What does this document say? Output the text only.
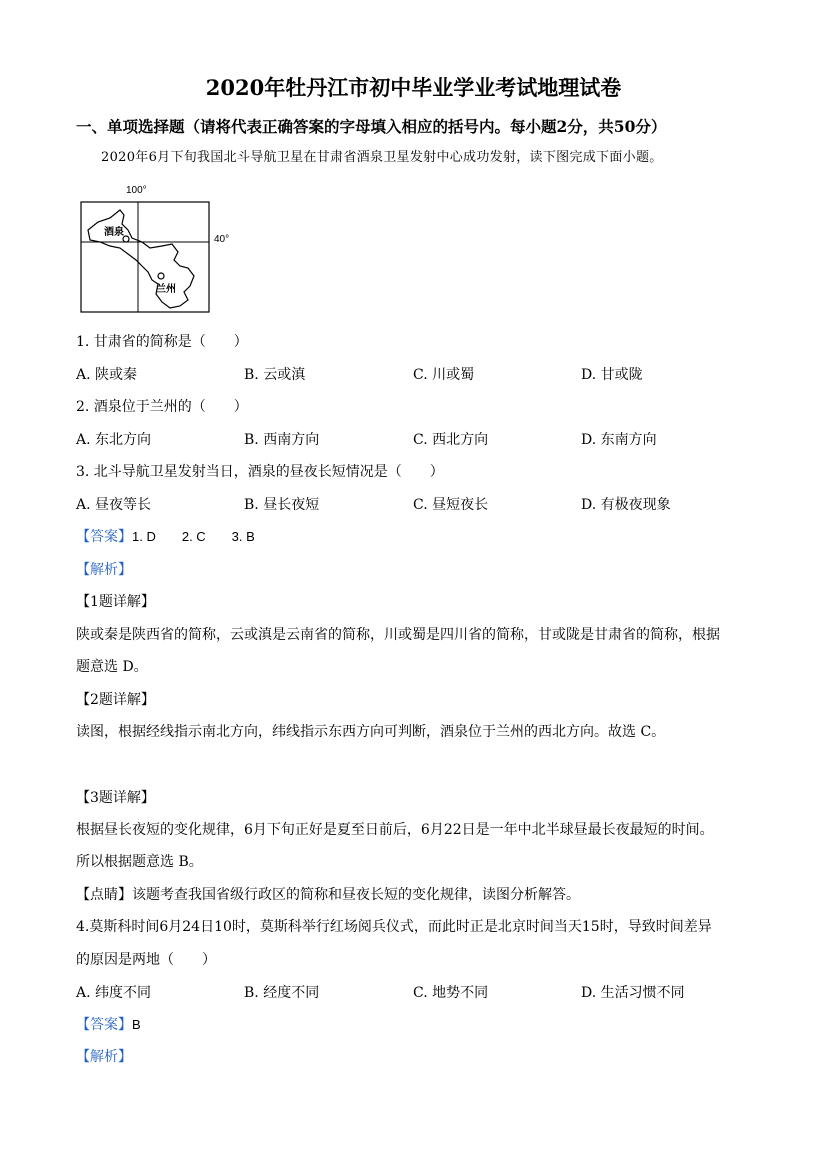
2020年牡丹江市初中毕业学业考试地理试卷
一、单项选择题（请将代表正确答案的字母填入相应的括号内。每小题2分，共50分）
2020年6月下旬我国北斗导航卫星在甘肃省酒泉卫星发射中心成功发射，读下图完成下面小题。
100°
40°
酒泉
兰州
1. 甘肃省的简称是（　　）
A. 陕或秦	B. 云或滇	C. 川或蜀	D. 甘或陇
2. 酒泉位于兰州的（　　）
A. 东北方向	B. 西南方向	C. 西北方向	D. 东南方向
3. 北斗导航卫星发射当日，酒泉的昼夜长短情况是（　　）
A. 昼夜等长	B. 昼长夜短	C. 昼短夜长	D. 有极夜现象
【答案】1. D　　2. C　　3. B
【解析】
【1题详解】
陕或秦是陕西省的简称，云或滇是云南省的简称，川或蜀是四川省的简称，甘或陇是甘肃省的简称，根据
题意选 D。
【2题详解】
读图，根据经线指示南北方向，纬线指示东西方向可判断，酒泉位于兰州的西北方向。故选 C。
【3题详解】
根据昼长夜短的变化规律，6月下旬正好是夏至日前后，6月22日是一年中北半球昼最长夜最短的时间。
所以根据题意选 B。
【点睛】该题考查我国省级行政区的简称和昼夜长短的变化规律，读图分析解答。
4.莫斯科时间6月24日10时，莫斯科举行红场阅兵仪式，而此时正是北京时间当天15时，导致时间差异
的原因是两地（　　）
A. 纬度不同	B. 经度不同	C. 地势不同	D. 生活习惯不同
【答案】B
【解析】
